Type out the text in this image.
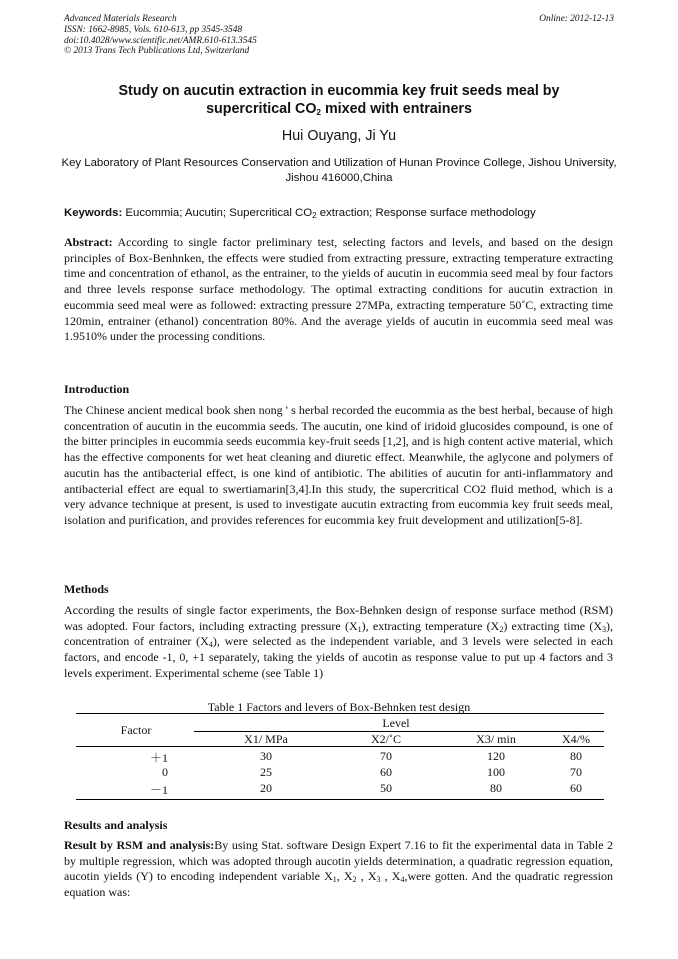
Advanced Materials Research
ISSN: 1662-8985, Vols. 610-613, pp 3545-3548
doi:10.4028/www.scientific.net/AMR.610-613.3545
© 2013 Trans Tech Publications Ltd, Switzerland
Online: 2012-12-13
Study on aucutin extraction in eucommia key fruit seeds meal by
supercritical $CO_2$ mixed with entrainers
Hui Ouyang, Ji Yu
Key Laboratory of Plant Resources Conservation and Utilization of Hunan Province College, Jishou University, Jishou 416000,China
Keywords: Eucommia; Aucutin; Supercritical $CO_2$ extraction; Response surface methodology
Abstract: According to single factor preliminary test, selecting factors and levels, and based on the design principles of Box-Benhnken, the effects were studied from extracting pressure, extracting temperature extracting time and concentration of ethanol, as the entrainer, to the yields of aucutin in eucommia seed meal by four factors and three levels response surface methodology. The optimal extracting conditions for aucutin extraction in eucommia seed meal were as followed: extracting pressure 27MPa, extracting temperature 50˚C, extracting time 120min, entrainer (ethanol) concentration 80%. And the average yields of aucutin in eucommia seed meal was 1.9510% under the processing conditions.
Introduction
The Chinese ancient medical book shen nong ' s herbal recorded the eucommia as the best herbal, because of high concentration of aucutin in the eucommia seeds. The aucutin, one kind of iridoid glucosides compound, is one of the bitter principles in eucommia seeds eucommia key-fruit seeds [1,2], and is high content active material, which has the effective components for wet heat cleaning and diuretic effect. Meanwhile, the aglycone and polymers of aucutin has the antibacterial effect, is one kind of antibiotic. The abilities of aucutin for anti-inflammatory and antibacterial effect are equal to swertiamarin[3,4].In this study, the supercritical CO2 fluid method, which is a very advance technique at present, is used to investigate aucutin extracting from eucommia key fruit seeds meal, isolation and purification, and provides references for eucommia key fruit development and utilization[5-8].
Methods
According the results of single factor experiments, the Box-Behnken design of response surface method (RSM) was adopted. Four factors, including extracting pressure $(X_1)$, extracting temperature $(X_2)$ extracting time $(X_3)$, concentration of entrainer $(X_4)$, were selected as the independent variable, and 3 levels were selected in each factors, and encode -1, 0, +1 separately, taking the yields of aucotin as response value to put up 4 factors and 3 levels experiment. Experimental scheme (see Table 1)
Table 1 Factors and levers of Box-Behnken test design
Factor	Level
X1/ MPa	X2/˚C	X3/ min	X4/%
＋1	30	70	120	80
0	25	60	100	70
－1	20	50	80	60
Results and analysis
Result by RSM and analysis:By using Stat. software Design Expert 7.16 to fit the experimental data in Table 2 by multiple regression, which was adopted through aucotin yields determination, a quadratic regression equation, aucotin yields (Y) to encoding independent variable $X_1$, $X_2$ , $X_3$ , $X_4,were$ gotten. And the quadratic regression equation was:
